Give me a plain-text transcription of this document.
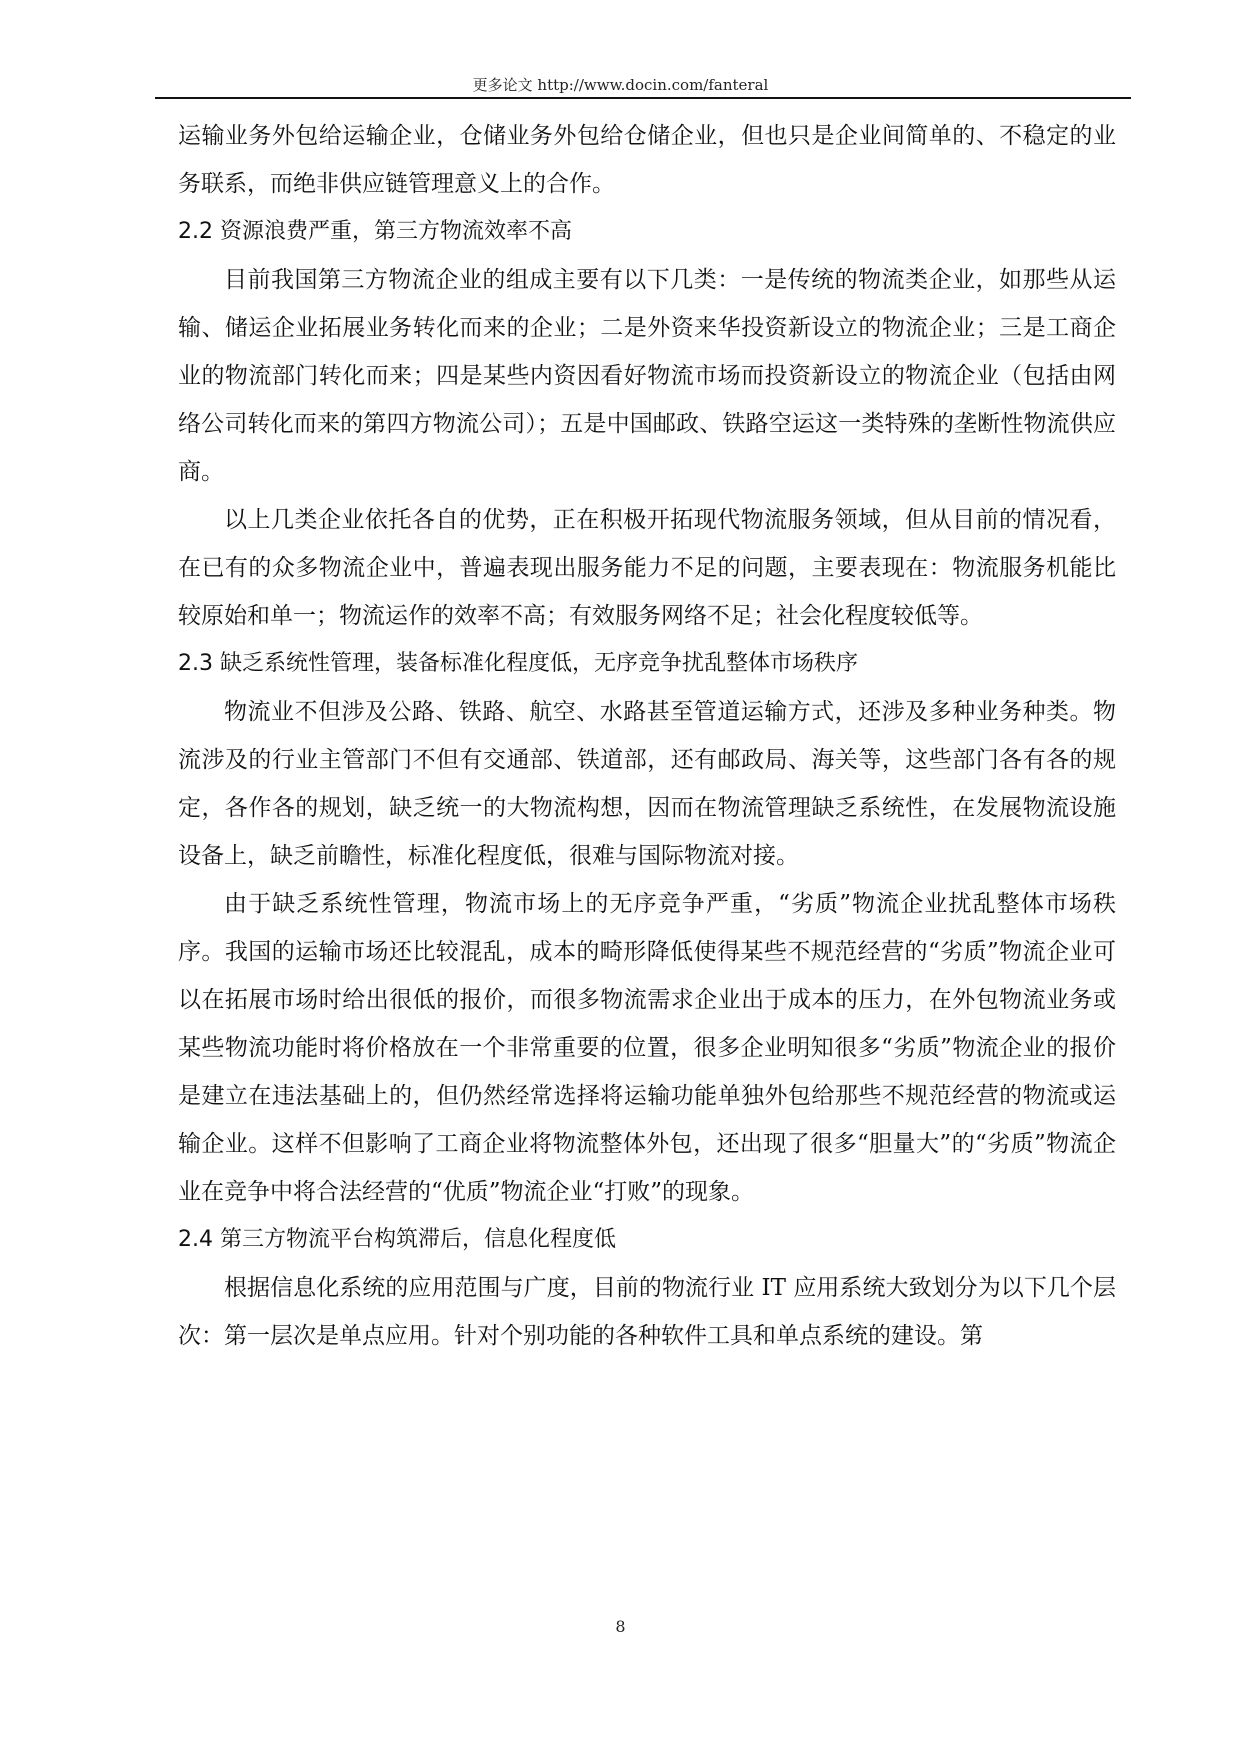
更多论文 http://www.docin.com/fanteral

运输业务外包给运输企业，仓储业务外包给仓储企业，但也只是企业间简单的、不稳定的业务联系，而绝非供应链管理意义上的合作。

2.2 资源浪费严重，第三方物流效率不高

目前我国第三方物流企业的组成主要有以下几类：一是传统的物流类企业，如那些从运输、储运企业拓展业务转化而来的企业；二是外资来华投资新设立的物流企业；三是工商企业的物流部门转化而来；四是某些内资因看好物流市场而投资新设立的物流企业（包括由网络公司转化而来的第四方物流公司）；五是中国邮政、铁路空运这一类特殊的垄断性物流供应商。

以上几类企业依托各自的优势，正在积极开拓现代物流服务领域，但从目前的情况看，在已有的众多物流企业中，普遍表现出服务能力不足的问题，主要表现在：物流服务机能比较原始和单一；物流运作的效率不高；有效服务网络不足；社会化程度较低等。

2.3 缺乏系统性管理，装备标准化程度低，无序竞争扰乱整体市场秩序

物流业不但涉及公路、铁路、航空、水路甚至管道运输方式，还涉及多种业务种类。物流涉及的行业主管部门不但有交通部、铁道部，还有邮政局、海关等，这些部门各有各的规定，各作各的规划，缺乏统一的大物流构想，因而在物流管理缺乏系统性，在发展物流设施设备上，缺乏前瞻性，标准化程度低，很难与国际物流对接。

由于缺乏系统性管理，物流市场上的无序竞争严重，“劣质”物流企业扰乱整体市场秩序。我国的运输市场还比较混乱，成本的畸形降低使得某些不规范经营的“劣质”物流企业可以在拓展市场时给出很低的报价，而很多物流需求企业出于成本的压力，在外包物流业务或某些物流功能时将价格放在一个非常重要的位置，很多企业明知很多“劣质”物流企业的报价是建立在违法基础上的，但仍然经常选择将运输功能单独外包给那些不规范经营的物流或运输企业。这样不但影响了工商企业将物流整体外包，还出现了很多“胆量大”的“劣质”物流企业在竞争中将合法经营的“优质”物流企业“打败”的现象。

2.4 第三方物流平台构筑滞后，信息化程度低

根据信息化系统的应用范围与广度，目前的物流行业 IT 应用系统大致划分为以下几个层次：第一层次是单点应用。针对个别功能的各种软件工具和单点系统的建设。第

8
